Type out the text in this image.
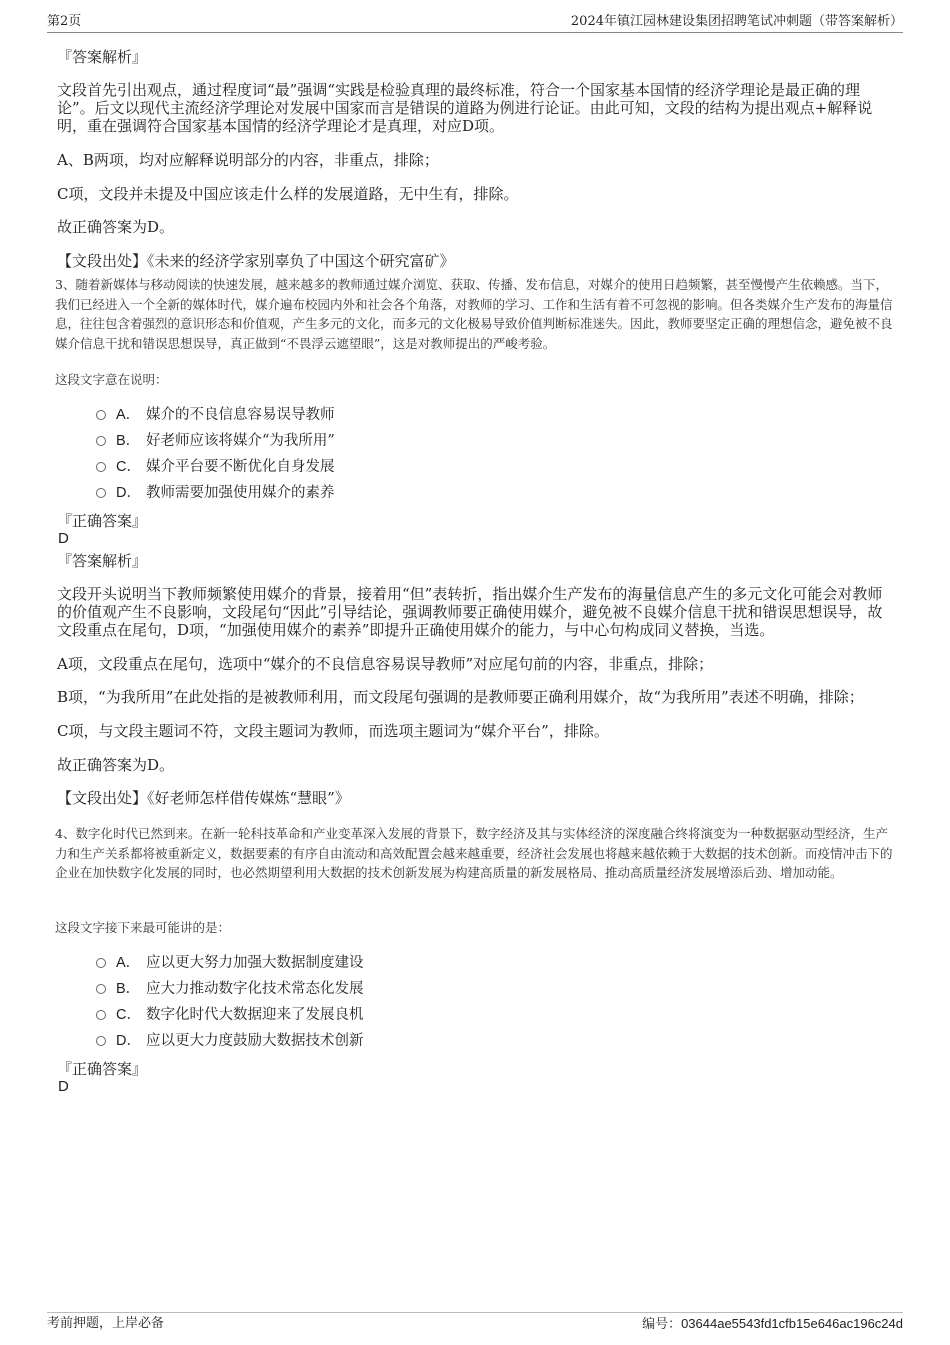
第2页	2024年镇江园林建设集团招聘笔试冲刺题（带答案解析）
『答案解析』
文段首先引出观点，通过程度词“最”强调“实践是检验真理的最终标准，符合一个国家基本国情的经济学理论是最正确的理论”。后文以现代主流经济学理论对发展中国家而言是错误的道路为例进行论证。由此可知，文段的结构为提出观点+解释说明，重在强调符合国家基本国情的经济学理论才是真理，对应D项。
A、B两项，均对应解释说明部分的内容，非重点，排除；
C项，文段并未提及中国应该走什么样的发展道路，无中生有，排除。
故正确答案为D。
【文段出处】《未来的经济学家别辜负了中国这个研究富矿》
3、随着新媒体与移动阅读的快速发展，越来越多的教师通过媒介浏览、获取、传播、发布信息，对媒介的使用日趋频繁，甚至慢慢产生依赖感。当下，我们已经进入一个全新的媒体时代，媒介遍布校园内外和社会各个角落，对教师的学习、工作和生活有着不可忽视的影响。但各类媒介生产发布的海量信息，往往包含着强烈的意识形态和价值观，产生多元的文化，而多元的文化极易导致价值判断标准迷失。因此，教师要坚定正确的理想信念，避免被不良媒介信息干扰和错误思想误导，真正做到“不畏浮云遮望眼”，这是对教师提出的严峻考验。
这段文字意在说明：
A． 媒介的不良信息容易误导教师
B． 好老师应该将媒介“为我所用”
C． 媒介平台要不断优化自身发展
D． 教师需要加强使用媒介的素养
『正确答案』
D
『答案解析』
文段开头说明当下教师频繁使用媒介的背景，接着用“但”表转折，指出媒介生产发布的海量信息产生的多元文化可能会对教师的价值观产生不良影响，文段尾句“因此”引导结论，强调教师要正确使用媒介，避免被不良媒介信息干扰和错误思想误导，故文段重点在尾句，D项，“加强使用媒介的素养”即提升正确使用媒介的能力，与中心句构成同义替换，当选。
A项，文段重点在尾句，选项中“媒介的不良信息容易误导教师”对应尾句前的内容，非重点，排除；
B项，“为我所用”在此处指的是被教师利用，而文段尾句强调的是教师要正确利用媒介，故“为我所用”表述不明确，排除；
C项，与文段主题词不符，文段主题词为教师，而选项主题词为“媒介平台”，排除。
故正确答案为D。
【文段出处】《好老师怎样借传媒炼“慧眼”》
4、数字化时代已然到来。在新一轮科技革命和产业变革深入发展的背景下，数字经济及其与实体经济的深度融合终将演变为一种数据驱动型经济，生产力和生产关系都将被重新定义，数据要素的有序自由流动和高效配置会越来越重要，经济社会发展也将越来越依赖于大数据的技术创新。而疫情冲击下的企业在加快数字化发展的同时，也必然期望利用大数据的技术创新发展为构建高质量的新发展格局、推动高质量经济发展增添后劲、增加动能。
这段文字接下来最可能讲的是：
A． 应以更大努力加强大数据制度建设
B． 应大力推动数字化技术常态化发展
C． 数字化时代大数据迎来了发展良机
D． 应以更大力度鼓励大数据技术创新
『正确答案』
D
考前押题，上岸必备	编号：03644ae5543fd1cfb15e646ac196c24d
